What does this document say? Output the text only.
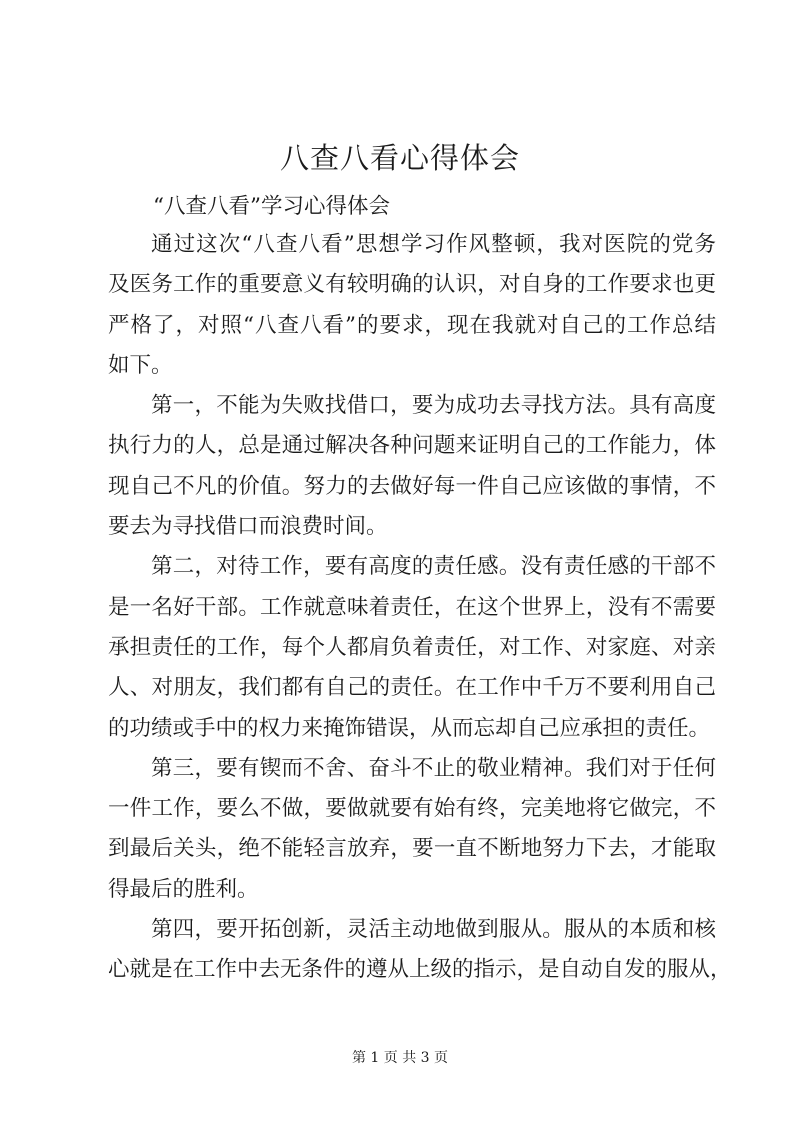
八查八看心得体会
“八查八看”学习心得体会
通过这次“八查八看”思想学习作风整顿，我对医院的党务
及医务工作的重要意义有较明确的认识，对自身的工作要求也更
严格了，对照“八查八看”的要求，现在我就对自己的工作总结
如下。
第一，不能为失败找借口，要为成功去寻找方法。具有高度
执行力的人，总是通过解决各种问题来证明自己的工作能力，体
现自己不凡的价值。努力的去做好每一件自己应该做的事情，不
要去为寻找借口而浪费时间。
第二，对待工作，要有高度的责任感。没有责任感的干部不
是一名好干部。工作就意味着责任，在这个世界上，没有不需要
承担责任的工作，每个人都肩负着责任，对工作、对家庭、对亲
人、对朋友，我们都有自己的责任。在工作中千万不要利用自己
的功绩或手中的权力来掩饰错误，从而忘却自己应承担的责任。
第三，要有锲而不舍、奋斗不止的敬业精神。我们对于任何
一件工作，要么不做，要做就要有始有终，完美地将它做完，不
到最后关头，绝不能轻言放弃，要一直不断地努力下去，才能取
得最后的胜利。
第四，要开拓创新，灵活主动地做到服从。服从的本质和核
心就是在工作中去无条件的遵从上级的指示，是自动自发的服从，
第 1 页 共 3 页
